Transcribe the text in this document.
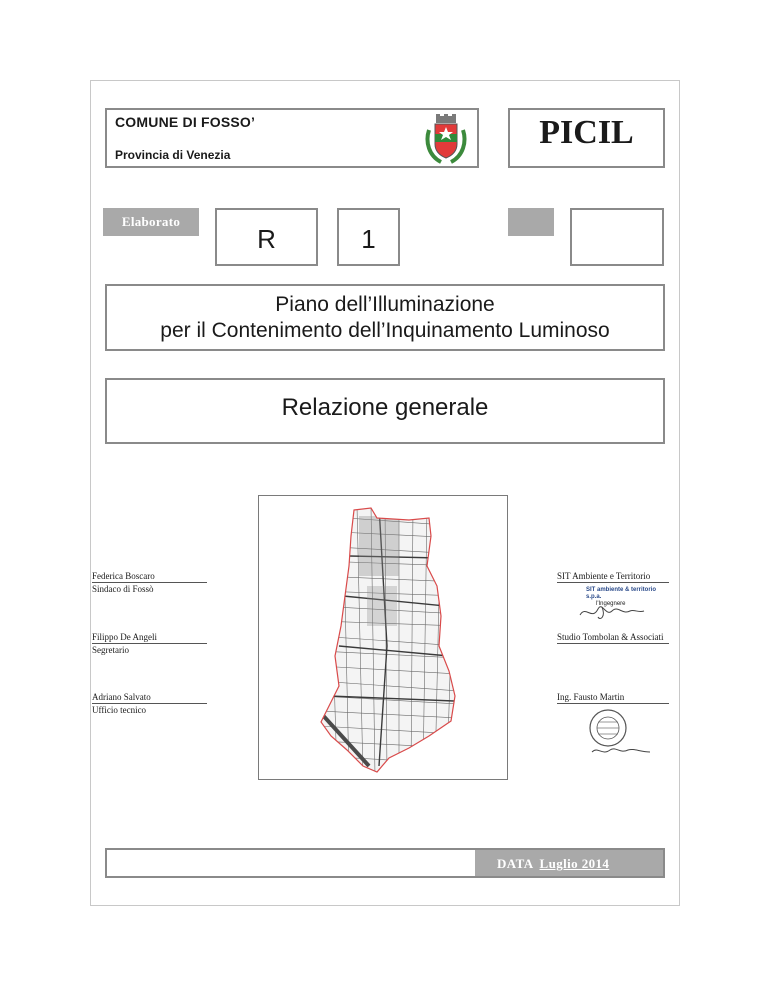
COMUNE DI FOSSO’
Provincia di Venezia
PICIL
Elaborato
R	1
Piano dell’Illuminazione
per il Contenimento dell’Inquinamento Luminoso
Relazione generale
Federica Boscaro
Sindaco di Fossò
Filippo De Angeli
Segretario
Adriano Salvato
Ufficio tecnico
SIT Ambiente e Territorio
SIT ambiente & territorio s.p.a.
l'Ingegnere
Studio Tombolan & Associati
Ing. Fausto Martin
DATA Luglio 2014
